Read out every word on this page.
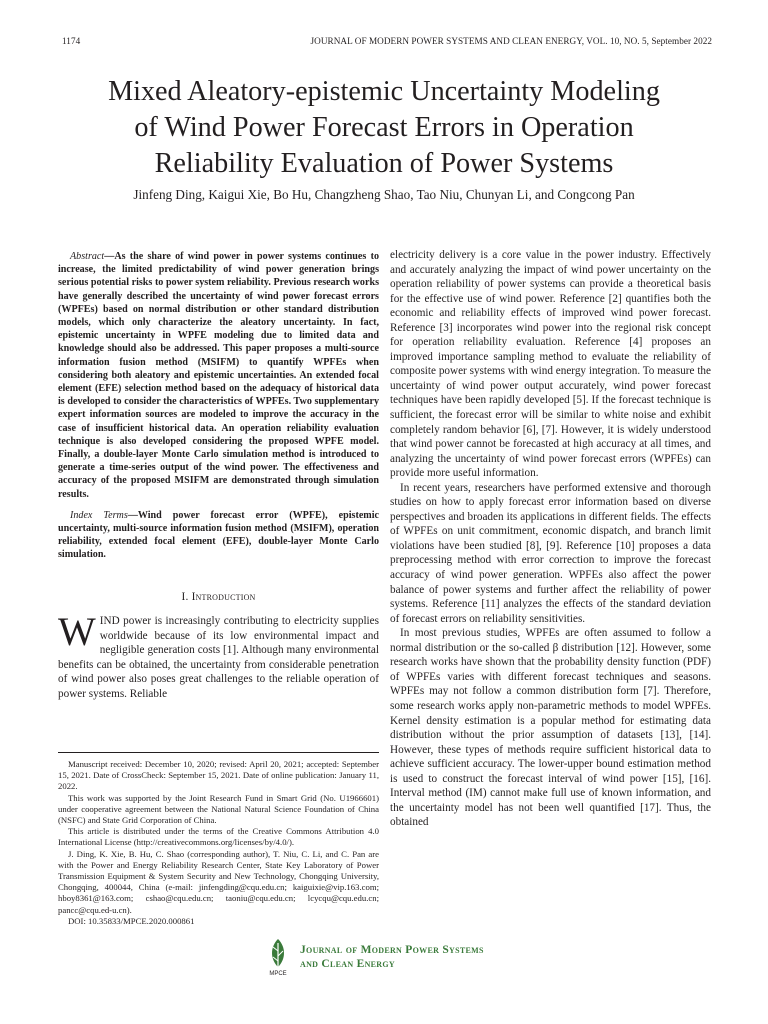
1174	JOURNAL OF MODERN POWER SYSTEMS AND CLEAN ENERGY, VOL. 10, NO. 5, September 2022
Mixed Aleatory-epistemic Uncertainty Modeling
of Wind Power Forecast Errors in Operation
Reliability Evaluation of Power Systems
Jinfeng Ding, Kaigui Xie, Bo Hu, Changzheng Shao, Tao Niu, Chunyan Li, and Congcong Pan

Abstract—As the share of wind power in power systems continues to increase, the limited predictability of wind power generation brings serious potential risks to power system reliability. Previous research works have generally described the uncertainty of wind power forecast errors (WPFEs) based on normal distribution or other standard distribution models, which only characterize the aleatory uncertainty. In fact, epistemic uncertainty in WPFE modeling due to limited data and knowledge should also be addressed. This paper proposes a multi-source information fusion method (MSIFM) to quantify WPFEs when considering both aleatory and epistemic uncertainties. An extended focal element (EFE) selection method based on the adequacy of historical data is developed to consider the characteristics of WPFEs. Two supplementary expert information sources are modeled to improve the accuracy in the case of insufficient historical data. An operation reliability evaluation technique is also developed considering the proposed WPFE model. Finally, a double-layer Monte Carlo simulation method is introduced to generate a time-series output of the wind power. The effectiveness and accuracy of the proposed MSIFM are demonstrated through simulation results.

Index Terms—Wind power forecast error (WPFE), epistemic uncertainty, multi-source information fusion method (MSIFM), operation reliability, extended focal element (EFE), double-layer Monte Carlo simulation.

I. Introduction

WIND power is increasingly contributing to electricity supplies worldwide because of its low environmental impact and negligible generation costs [1]. Although many environmental benefits can be obtained, the uncertainty from considerable penetration of wind power also poses great challenges to the reliable operation of power systems. Reliable

Manuscript received: December 10, 2020; revised: April 20, 2021; accepted: September 15, 2021. Date of CrossCheck: September 15, 2021. Date of online publication: January 11, 2022.

This work was supported by the Joint Research Fund in Smart Grid (No. U1966601) under cooperative agreement between the National Natural Science Foundation of China (NSFC) and State Grid Corporation of China.

This article is distributed under the terms of the Creative Commons Attribution 4.0 International License (http://creativecommons.org/licenses/by/4.0/).

J. Ding, K. Xie, B. Hu, C. Shao (corresponding author), T. Niu, C. Li, and C. Pan are with the Power and Energy Reliability Research Center, State Key Laboratory of Power Transmission Equipment & System Security and New Technology, Chongqing University, Chongqing, 400044, China (e-mail: jinfengding@cqu.edu.cn; kaiguixie@vip.163.com; hboy8361@163.com; cshao@cqu.edu.cn; taoniu@cqu.edu.cn; lcycqu@cqu.edu.cn; pancc@cqu.ed-u.cn).

DOI: 10.35833/MPCE.2020.000861

electricity delivery is a core value in the power industry. Effectively and accurately analyzing the impact of wind power uncertainty on the operation reliability of power systems can provide a theoretical basis for the effective use of wind power. Reference [2] quantifies both the economic and reliability effects of improved wind power forecast. Reference [3] incorporates wind power into the regional risk concept for operation reliability evaluation. Reference [4] proposes an improved importance sampling method to evaluate the reliability of composite power systems with wind energy integration. To measure the uncertainty of wind power output accurately, wind power forecast techniques have been rapidly developed [5]. If the forecast technique is sufficient, the forecast error will be similar to white noise and exhibit completely random behavior [6], [7]. However, it is widely understood that wind power cannot be forecasted at high accuracy at all times, and analyzing the uncertainty of wind power forecast errors (WPFEs) can provide more useful information.

In recent years, researchers have performed extensive and thorough studies on how to apply forecast error information based on diverse perspectives and broaden its applications in different fields. The effects of WPFEs on unit commitment, economic dispatch, and branch limit violations have been studied [8], [9]. Reference [10] proposes a data preprocessing method with error correction to improve the forecast accuracy of wind power generation. WPFEs also affect the power balance of power systems and further affect the reliability of power systems. Reference [11] analyzes the effects of the standard deviation of forecast errors on reliability sensitivities.

In most previous studies, WPFEs are often assumed to follow a normal distribution or the so-called β distribution [12]. However, some research works have shown that the probability density function (PDF) of WPFEs varies with different forecast techniques and seasons. WPFEs may not follow a common distribution form [7]. Therefore, some research works apply non-parametric methods to model WPFEs. Kernel density estimation is a popular method for estimating data distribution without the prior assumption of datasets [13], [14]. However, these types of methods require sufficient historical data to achieve sufficient accuracy. The lower-upper bound estimation method is used to construct the forecast interval of wind power [15], [16]. Interval method (IM) cannot make full use of known information, and the uncertainty model has not been well quantified [17]. Thus, the obtained

MPCE
Journal of Modern Power Systems
and Clean Energy
